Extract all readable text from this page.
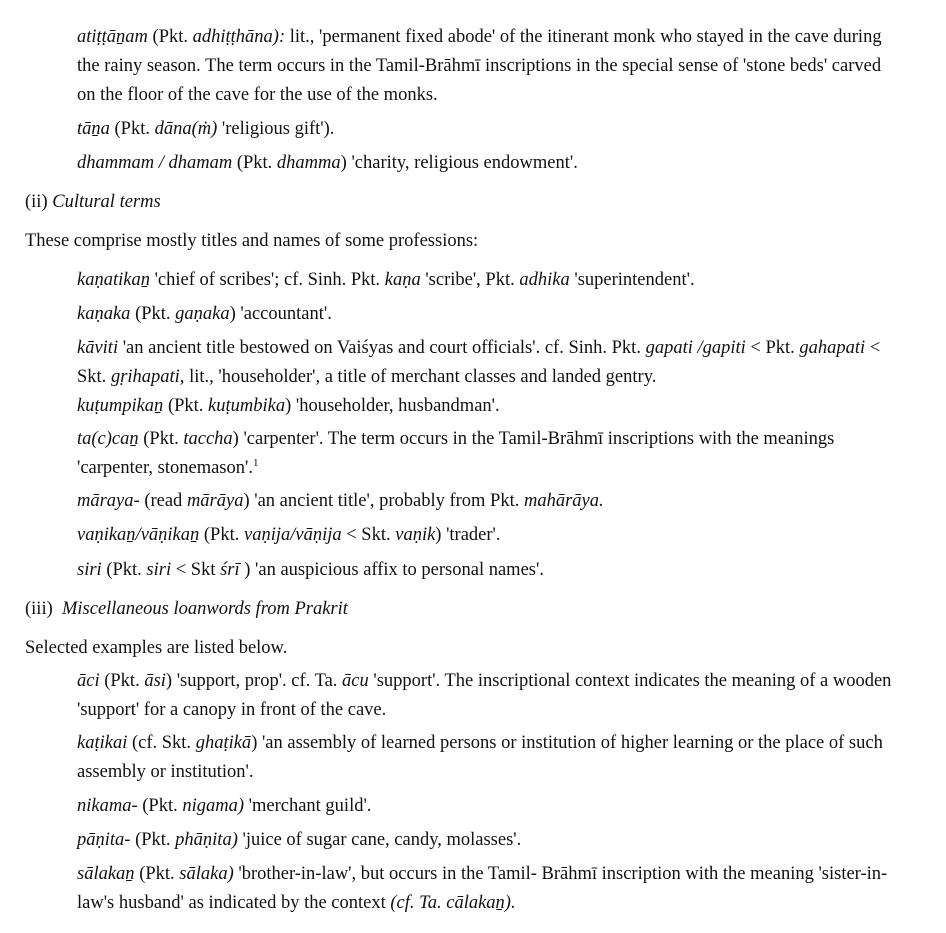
atiṭṭāṉam (Pkt. adhiṭṭhāna): lit., 'permanent fixed abode' of the itinerant monk who stayed in the cave during the rainy season. The term occurs in the Tamil-Brāhmī inscriptions in the special sense of 'stone beds' carved on the floor of the cave for the use of the monks.

tāṉa (Pkt. dāna(ṁ) 'religious gift').

dhammam / dhamam (Pkt. dhamma) 'charity, religious endowment'.

(ii) Cultural terms

These comprise mostly titles and names of some professions:

kaṇatikaṉ 'chief of scribes'; cf. Sinh. Pkt. kaṇa 'scribe', Pkt. adhika 'superintendent'.

kaṇaka (Pkt. gaṇaka) 'accountant'.

kāviti 'an ancient title bestowed on Vaiśyas and court officials'. cf. Sinh. Pkt. gapati /gapiti < Pkt. gahapati < Skt. gṛihapati, lit., 'householder', a title of merchant classes and landed gentry.

kuṭumpikaṉ (Pkt. kuṭumbika) 'householder, husbandman'.

ta(c)caṉ (Pkt. taccha) 'carpenter'. The term occurs in the Tamil-Brāhmī inscriptions with the meanings 'carpenter, stonemason'.$^1$

māraya- (read mārāya) 'an ancient title', probably from Pkt. mahārāya.

vaṇikaṉ/vāṇikaṉ (Pkt. vaṇija/vāṇija < Skt. vaṇik) 'trader'.

siri (Pkt. siri < Skt śrī ) 'an auspicious affix to personal names'.

(iii) Miscellaneous loanwords from Prakrit

Selected examples are listed below.

āci (Pkt. āsi) 'support, prop'. cf. Ta. ācu 'support'. The inscriptional context indicates the meaning of a wooden 'support' for a canopy in front of the cave.

kaṭikai (cf. Skt. ghaṭikā) 'an assembly of learned persons or institution of higher learning or the place of such assembly or institution'.

nikama- (Pkt. nigama) 'merchant guild'.

pāṇita- (Pkt. phāṇita) 'juice of sugar cane, candy, molasses'.

sālakaṉ (Pkt. sālaka) 'brother-in-law', but occurs in the Tamil- Brāhmī inscription with the meaning 'sister-in-law's husband' as indicated by the context (cf. Ta. cālakaṉ).
